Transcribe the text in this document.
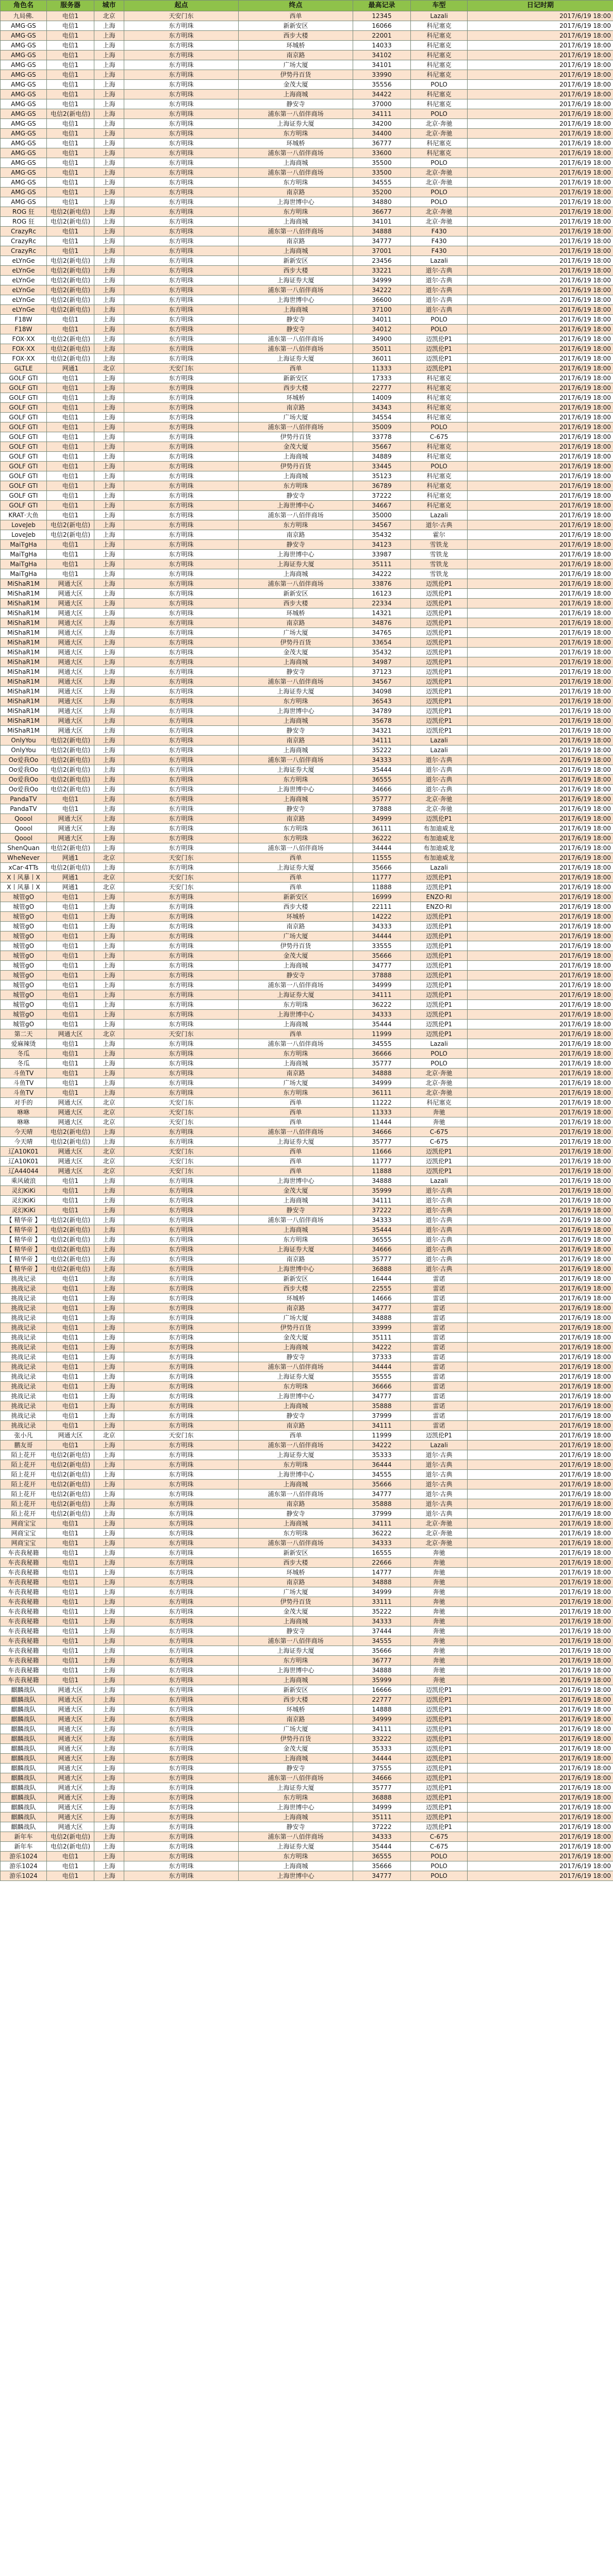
角色名	服务器	城市	起点	终点	最高记录	车型	日记时期
九局佛.	电信1	北京	天安门东	西单	12345	Lazali	2017/6/19 18:00
AMG·GS	电信1	上海	东方明珠	新新安区	16066	科尼塞克	2017/6/19 18:00
AMG·GS	电信1	上海	东方明珠	西步大楼	22001	科尼塞克	2017/6/19 18:00
AMG·GS	电信1	上海	东方明珠	环城桥	14033	科尼塞克	2017/6/19 18:00
AMG·GS	电信1	上海	东方明珠	南京路	34102	科尼塞克	2017/6/19 18:00
AMG·GS	电信1	上海	东方明珠	广场大厦	34101	科尼塞克	2017/6/19 18:00
AMG·GS	电信1	上海	东方明珠	伊势丹百货	33990	科尼塞克	2017/6/19 18:00
AMG·GS	电信1	上海	东方明珠	金茂大厦	35556	POLO	2017/6/19 18:00
AMG·GS	电信1	上海	东方明珠	上海商城	34422	科尼塞克	2017/6/19 18:00
AMG·GS	电信1	上海	东方明珠	静安寺	37000	科尼塞克	2017/6/19 18:00
AMG·GS	电信2(新电信)	上海	东方明珠	浦东第一八佰伴商场	34111	POLO	2017/6/19 18:00
AMG·GS	电信1	上海	东方明珠	上海证券大厦	34200	北京·奔驰	2017/6/19 18:00
AMG·GS	电信1	上海	东方明珠	东方明珠	34400	北京·奔驰	2017/6/19 18:00
AMG·GS	电信1	上海	东方明珠	环城桥	36777	科尼塞克	2017/6/19 18:00
AMG·GS	电信1	上海	东方明珠	浦东第一八佰伴商场	33600	科尼塞克	2017/6/19 18:00
AMG·GS	电信1	上海	东方明珠	上海商城	35500	POLO	2017/6/19 18:00
AMG·GS	电信1	上海	东方明珠	浦东第一八佰伴商场	33500	北京·奔驰	2017/6/19 18:00
AMG·GS	电信1	上海	东方明珠	东方明珠	34555	北京·奔驰	2017/6/19 18:00
AMG·GS	电信1	上海	东方明珠	南京路	35200	POLO	2017/6/19 18:00
AMG·GS	电信1	上海	东方明珠	上海世博中心	34880	POLO	2017/6/19 18:00
ROG 狂	电信2(新电信)	上海	东方明珠	东方明珠	36677	北京·奔驰	2017/6/19 18:00
ROG 狂	电信2(新电信)	上海	东方明珠	上海商城	34101	北京·奔驰	2017/6/19 18:00
CrazyRc	电信1	上海	东方明珠	浦东第一八佰伴商场	34888	F430	2017/6/19 18:00
CrazyRc	电信1	上海	东方明珠	南京路	34777	F430	2017/6/19 18:00
CrazyRc	电信1	上海	东方明珠	上海商城	37001	F430	2017/6/19 18:00
eLYnGe	电信2(新电信)	上海	东方明珠	新新安区	23456	Lazali	2017/6/19 18:00
eLYnGe	电信2(新电信)	上海	东方明珠	西步大楼	33221	道尔·古典	2017/6/19 18:00
eLYnGe	电信2(新电信)	上海	东方明珠	上海证券大厦	34999	道尔·古典	2017/6/19 18:00
eLYnGe	电信2(新电信)	上海	东方明珠	浦东第一八佰伴商场	34222	道尔·古典	2017/6/19 18:00
eLYnGe	电信2(新电信)	上海	东方明珠	上海世博中心	36600	道尔·古典	2017/6/19 18:00
eLYnGe	电信2(新电信)	上海	东方明珠	上海商城	37100	道尔·古典	2017/6/19 18:00
F18W	电信1	上海	东方明珠	静安寺	34011	POLO	2017/6/19 18:00
F18W	电信1	上海	东方明珠	静安寺	34012	POLO	2017/6/19 18:00
FOX·XX	电信2(新电信)	上海	东方明珠	浦东第一八佰伴商场	34900	迈凯伦P1	2017/6/19 18:00
FOX·XX	电信2(新电信)	上海	东方明珠	浦东第一八佰伴商场	35011	迈凯伦P1	2017/6/19 18:00
FOX·XX	电信2(新电信)	上海	东方明珠	上海证券大厦	36011	迈凯伦P1	2017/6/19 18:00
GLTLE	网通1	北京	天安门东	西单	11333	迈凯伦P1	2017/6/19 18:00
GOLF GTI	电信1	上海	东方明珠	新新安区	17333	科尼塞克	2017/6/19 18:00
GOLF GTI	电信1	上海	东方明珠	西步大楼	22777	科尼塞克	2017/6/19 18:00
GOLF GTI	电信1	上海	东方明珠	环城桥	14009	科尼塞克	2017/6/19 18:00
GOLF GTI	电信1	上海	东方明珠	南京路	34343	科尼塞克	2017/6/19 18:00
GOLF GTI	电信1	上海	东方明珠	广场大厦	34554	科尼塞克	2017/6/19 18:00
GOLF GTI	电信1	上海	东方明珠	浦东第一八佰伴商场	35009	POLO	2017/6/19 18:00
GOLF GTI	电信1	上海	东方明珠	伊势丹百货	33778	C-675	2017/6/19 18:00
GOLF GTI	电信1	上海	东方明珠	金茂大厦	35667	科尼塞克	2017/6/19 18:00
GOLF GTI	电信1	上海	东方明珠	上海商城	34889	科尼塞克	2017/6/19 18:00
GOLF GTI	电信1	上海	东方明珠	伊势丹百货	33445	POLO	2017/6/19 18:00
GOLF GTI	电信1	上海	东方明珠	上海商城	35123	科尼塞克	2017/6/19 18:00
GOLF GTI	电信1	上海	东方明珠	东方明珠	36789	科尼塞克	2017/6/19 18:00
GOLF GTI	电信1	上海	东方明珠	静安寺	37222	科尼塞克	2017/6/19 18:00
GOLF GTI	电信1	上海	东方明珠	上海世博中心	34667	科尼塞克	2017/6/19 18:00
KRAT·大鱼	电信1	上海	东方明珠	浦东第一八佰伴商场	35000	Lazali	2017/6/19 18:00
LoveJeb	电信2(新电信)	上海	东方明珠	东方明珠	34567	道尔·古典	2017/6/19 18:00
LoveJeb	电信2(新电信)	上海	东方明珠	南京路	35432	霍尔	2017/6/19 18:00
MaiTgHa	电信1	上海	东方明珠	静安寺	34123	雪铁龙	2017/6/19 18:00
MaiTgHa	电信1	上海	东方明珠	上海世博中心	33987	雪铁龙	2017/6/19 18:00
MaiTgHa	电信1	上海	东方明珠	上海证券大厦	35111	雪铁龙	2017/6/19 18:00
MaiTgHa	电信1	上海	东方明珠	上海商城	34222	雪铁龙	2017/6/19 18:00
MiShaR1M	网通大区	上海	东方明珠	浦东第一八佰伴商场	33876	迈凯伦P1	2017/6/19 18:00
MiShaR1M	网通大区	上海	东方明珠	新新安区	16123	迈凯伦P1	2017/6/19 18:00
MiShaR1M	网通大区	上海	东方明珠	西步大楼	22334	迈凯伦P1	2017/6/19 18:00
MiShaR1M	网通大区	上海	东方明珠	环城桥	14321	迈凯伦P1	2017/6/19 18:00
MiShaR1M	网通大区	上海	东方明珠	南京路	34876	迈凯伦P1	2017/6/19 18:00
MiShaR1M	网通大区	上海	东方明珠	广场大厦	34765	迈凯伦P1	2017/6/19 18:00
MiShaR1M	网通大区	上海	东方明珠	伊势丹百货	33654	迈凯伦P1	2017/6/19 18:00
MiShaR1M	网通大区	上海	东方明珠	金茂大厦	35432	迈凯伦P1	2017/6/19 18:00
MiShaR1M	网通大区	上海	东方明珠	上海商城	34987	迈凯伦P1	2017/6/19 18:00
MiShaR1M	网通大区	上海	东方明珠	静安寺	37123	迈凯伦P1	2017/6/19 18:00
MiShaR1M	网通大区	上海	东方明珠	浦东第一八佰伴商场	34567	迈凯伦P1	2017/6/19 18:00
MiShaR1M	网通大区	上海	东方明珠	上海证券大厦	34098	迈凯伦P1	2017/6/19 18:00
MiShaR1M	网通大区	上海	东方明珠	东方明珠	36543	迈凯伦P1	2017/6/19 18:00
MiShaR1M	网通大区	上海	东方明珠	上海世博中心	34789	迈凯伦P1	2017/6/19 18:00
MiShaR1M	网通大区	上海	东方明珠	上海商城	35678	迈凯伦P1	2017/6/19 18:00
MiShaR1M	网通大区	上海	东方明珠	静安寺	34321	迈凯伦P1	2017/6/19 18:00
OnlyYou	电信2(新电信)	上海	东方明珠	南京路	34111	Lazali	2017/6/19 18:00
OnlyYou	电信2(新电信)	上海	东方明珠	上海商城	35222	Lazali	2017/6/19 18:00
Oo爱我Oo	电信2(新电信)	上海	东方明珠	浦东第一八佰伴商场	34333	道尔·古典	2017/6/19 18:00
Oo爱我Oo	电信2(新电信)	上海	东方明珠	上海证券大厦	35444	道尔·古典	2017/6/19 18:00
Oo爱我Oo	电信2(新电信)	上海	东方明珠	东方明珠	36555	道尔·古典	2017/6/19 18:00
Oo爱我Oo	电信2(新电信)	上海	东方明珠	上海世博中心	34666	道尔·古典	2017/6/19 18:00
PandaTV	电信1	上海	东方明珠	上海商城	35777	北京·奔驰	2017/6/19 18:00
PandaTV	电信1	上海	东方明珠	静安寺	37888	北京·奔驰	2017/6/19 18:00
Qoool	网通大区	上海	东方明珠	南京路	34999	迈凯伦P1	2017/6/19 18:00
Qoool	网通大区	上海	东方明珠	东方明珠	36111	布加迪威龙	2017/6/19 18:00
Qoool	网通大区	上海	东方明珠	东方明珠	36222	布加迪威龙	2017/6/19 18:00
ShenQuan	电信2(新电信)	上海	东方明珠	浦东第一八佰伴商场	34444	布加迪威龙	2017/6/19 18:00
WheNever	网通1	北京	天安门东	西单	11555	布加迪威龙	2017/6/19 18:00
xCar·4TTs	电信2(新电信)	上海	东方明珠	上海证券大厦	35666	Lazali	2017/6/19 18:00
X丨风暴丨X	网通1	北京	天安门东	西单	11777	迈凯伦P1	2017/6/19 18:00
X丨风暴丨X	网通1	北京	天安门东	西单	11888	迈凯伦P1	2017/6/19 18:00
城管gO	电信1	上海	东方明珠	新新安区	16999	ENZO·RI	2017/6/19 18:00
城管gO	电信1	上海	东方明珠	西步大楼	22111	ENZO·RI	2017/6/19 18:00
城管gO	电信1	上海	东方明珠	环城桥	14222	迈凯伦P1	2017/6/19 18:00
城管gO	电信1	上海	东方明珠	南京路	34333	迈凯伦P1	2017/6/19 18:00
城管gO	电信1	上海	东方明珠	广场大厦	34444	迈凯伦P1	2017/6/19 18:00
城管gO	电信1	上海	东方明珠	伊势丹百货	33555	迈凯伦P1	2017/6/19 18:00
城管gO	电信1	上海	东方明珠	金茂大厦	35666	迈凯伦P1	2017/6/19 18:00
城管gO	电信1	上海	东方明珠	上海商城	34777	迈凯伦P1	2017/6/19 18:00
城管gO	电信1	上海	东方明珠	静安寺	37888	迈凯伦P1	2017/6/19 18:00
城管gO	电信1	上海	东方明珠	浦东第一八佰伴商场	34999	迈凯伦P1	2017/6/19 18:00
城管gO	电信1	上海	东方明珠	上海证券大厦	34111	迈凯伦P1	2017/6/19 18:00
城管gO	电信1	上海	东方明珠	东方明珠	36222	迈凯伦P1	2017/6/19 18:00
城管gO	电信1	上海	东方明珠	上海世博中心	34333	迈凯伦P1	2017/6/19 18:00
城管gO	电信1	上海	东方明珠	上海商城	35444	迈凯伦P1	2017/6/19 18:00
第二天	网通大区	北京	天安门东	西单	11999	迈凯伦P1	2017/6/19 18:00
爱麻辣烫	电信1	上海	东方明珠	浦东第一八佰伴商场	34555	Lazali	2017/6/19 18:00
冬瓜	电信1	上海	东方明珠	东方明珠	36666	POLO	2017/6/19 18:00
冬瓜	电信1	上海	东方明珠	上海商城	35777	POLO	2017/6/19 18:00
斗鱼TV	电信1	上海	东方明珠	南京路	34888	北京·奔驰	2017/6/19 18:00
斗鱼TV	电信1	上海	东方明珠	广场大厦	34999	北京·奔驰	2017/6/19 18:00
斗鱼TV	电信1	上海	东方明珠	东方明珠	36111	北京·奔驰	2017/6/19 18:00
对手的	网通大区	北京	天安门东	西单	11222	科尼塞克	2017/6/19 18:00
咻咻	网通大区	北京	天安门东	西单	11333	奔驰	2017/6/19 18:00
咻咻	网通大区	北京	天安门东	西单	11444	奔驰	2017/6/19 18:00
今天晴	电信2(新电信)	上海	东方明珠	浦东第一八佰伴商场	34666	C-675	2017/6/19 18:00
今天晴	电信2(新电信)	上海	东方明珠	上海证券大厦	35777	C-675	2017/6/19 18:00
辽A10K01	网通大区	北京	天安门东	西单	11666	迈凯伦P1	2017/6/19 18:00
辽A10K01	网通大区	北京	天安门东	西单	11777	迈凯伦P1	2017/6/19 18:00
辽A44044	网通大区	北京	天安门东	西单	11888	迈凯伦P1	2017/6/19 18:00
乘风破浪	电信1	上海	东方明珠	上海世博中心	34888	Lazali	2017/6/19 18:00
灵幻KiKi	电信1	上海	东方明珠	金茂大厦	35999	道尔·古典	2017/6/19 18:00
灵幻KiKi	电信1	上海	东方明珠	上海商城	34111	道尔·古典	2017/6/19 18:00
灵幻KiKi	电信1	上海	东方明珠	静安寺	37222	道尔·古典	2017/6/19 18:00
【 精华帝 】	电信2(新电信)	上海	东方明珠	浦东第一八佰伴商场	34333	道尔·古典	2017/6/19 18:00
【 精华帝 】	电信2(新电信)	上海	东方明珠	上海商城	35444	道尔·古典	2017/6/19 18:00
【 精华帝 】	电信2(新电信)	上海	东方明珠	东方明珠	36555	道尔·古典	2017/6/19 18:00
【 精华帝 】	电信2(新电信)	上海	东方明珠	上海证券大厦	34666	道尔·古典	2017/6/19 18:00
【 精华帝 】	电信2(新电信)	上海	东方明珠	南京路	35777	道尔·古典	2017/6/19 18:00
【 精华帝 】	电信2(新电信)	上海	东方明珠	上海世博中心	36888	道尔·古典	2017/6/19 18:00
挑战记录	电信1	上海	东方明珠	新新安区	16444	雷诺	2017/6/19 18:00
挑战记录	电信1	上海	东方明珠	西步大楼	22555	雷诺	2017/6/19 18:00
挑战记录	电信1	上海	东方明珠	环城桥	14666	雷诺	2017/6/19 18:00
挑战记录	电信1	上海	东方明珠	南京路	34777	雷诺	2017/6/19 18:00
挑战记录	电信1	上海	东方明珠	广场大厦	34888	雷诺	2017/6/19 18:00
挑战记录	电信1	上海	东方明珠	伊势丹百货	33999	雷诺	2017/6/19 18:00
挑战记录	电信1	上海	东方明珠	金茂大厦	35111	雷诺	2017/6/19 18:00
挑战记录	电信1	上海	东方明珠	上海商城	34222	雷诺	2017/6/19 18:00
挑战记录	电信1	上海	东方明珠	静安寺	37333	雷诺	2017/6/19 18:00
挑战记录	电信1	上海	东方明珠	浦东第一八佰伴商场	34444	雷诺	2017/6/19 18:00
挑战记录	电信1	上海	东方明珠	上海证券大厦	35555	雷诺	2017/6/19 18:00
挑战记录	电信1	上海	东方明珠	东方明珠	36666	雷诺	2017/6/19 18:00
挑战记录	电信1	上海	东方明珠	上海世博中心	34777	雷诺	2017/6/19 18:00
挑战记录	电信1	上海	东方明珠	上海商城	35888	雷诺	2017/6/19 18:00
挑战记录	电信1	上海	东方明珠	静安寺	37999	雷诺	2017/6/19 18:00
挑战记录	电信1	上海	东方明珠	南京路	34111	雷诺	2017/6/19 18:00
张小凡	网通大区	北京	天安门东	西单	11999	迈凯伦P1	2017/6/19 18:00
鹏友哥	电信1	上海	东方明珠	浦东第一八佰伴商场	34222	Lazali	2017/6/19 18:00
陌上花开	电信2(新电信)	上海	东方明珠	上海证券大厦	35333	道尔·古典	2017/6/19 18:00
陌上花开	电信2(新电信)	上海	东方明珠	东方明珠	36444	道尔·古典	2017/6/19 18:00
陌上花开	电信2(新电信)	上海	东方明珠	上海世博中心	34555	道尔·古典	2017/6/19 18:00
陌上花开	电信2(新电信)	上海	东方明珠	上海商城	35666	道尔·古典	2017/6/19 18:00
陌上花开	电信2(新电信)	上海	东方明珠	浦东第一八佰伴商场	34777	道尔·古典	2017/6/19 18:00
陌上花开	电信2(新电信)	上海	东方明珠	南京路	35888	道尔·古典	2017/6/19 18:00
陌上花开	电信2(新电信)	上海	东方明珠	静安寺	37999	道尔·古典	2017/6/19 18:00
网商宝宝	电信1	上海	东方明珠	上海商城	34111	北京·奔驰	2017/6/19 18:00
网商宝宝	电信1	上海	东方明珠	东方明珠	36222	北京·奔驰	2017/6/19 18:00
网商宝宝	电信1	上海	东方明珠	浦东第一八佰伴商场	34333	北京·奔驰	2017/6/19 18:00
车丧我秘籍	电信1	上海	东方明珠	新新安区	16555	奔驰	2017/6/19 18:00
车丧我秘籍	电信1	上海	东方明珠	西步大楼	22666	奔驰	2017/6/19 18:00
车丧我秘籍	电信1	上海	东方明珠	环城桥	14777	奔驰	2017/6/19 18:00
车丧我秘籍	电信1	上海	东方明珠	南京路	34888	奔驰	2017/6/19 18:00
车丧我秘籍	电信1	上海	东方明珠	广场大厦	34999	奔驰	2017/6/19 18:00
车丧我秘籍	电信1	上海	东方明珠	伊势丹百货	33111	奔驰	2017/6/19 18:00
车丧我秘籍	电信1	上海	东方明珠	金茂大厦	35222	奔驰	2017/6/19 18:00
车丧我秘籍	电信1	上海	东方明珠	上海商城	34333	奔驰	2017/6/19 18:00
车丧我秘籍	电信1	上海	东方明珠	静安寺	37444	奔驰	2017/6/19 18:00
车丧我秘籍	电信1	上海	东方明珠	浦东第一八佰伴商场	34555	奔驰	2017/6/19 18:00
车丧我秘籍	电信1	上海	东方明珠	上海证券大厦	35666	奔驰	2017/6/19 18:00
车丧我秘籍	电信1	上海	东方明珠	东方明珠	36777	奔驰	2017/6/19 18:00
车丧我秘籍	电信1	上海	东方明珠	上海世博中心	34888	奔驰	2017/6/19 18:00
车丧我秘籍	电信1	上海	东方明珠	上海商城	35999	奔驰	2017/6/19 18:00
麒麟战队	网通大区	上海	东方明珠	新新安区	16666	迈凯伦P1	2017/6/19 18:00
麒麟战队	网通大区	上海	东方明珠	西步大楼	22777	迈凯伦P1	2017/6/19 18:00
麒麟战队	网通大区	上海	东方明珠	环城桥	14888	迈凯伦P1	2017/6/19 18:00
麒麟战队	网通大区	上海	东方明珠	南京路	34999	迈凯伦P1	2017/6/19 18:00
麒麟战队	网通大区	上海	东方明珠	广场大厦	34111	迈凯伦P1	2017/6/19 18:00
麒麟战队	网通大区	上海	东方明珠	伊势丹百货	33222	迈凯伦P1	2017/6/19 18:00
麒麟战队	网通大区	上海	东方明珠	金茂大厦	35333	迈凯伦P1	2017/6/19 18:00
麒麟战队	网通大区	上海	东方明珠	上海商城	34444	迈凯伦P1	2017/6/19 18:00
麒麟战队	网通大区	上海	东方明珠	静安寺	37555	迈凯伦P1	2017/6/19 18:00
麒麟战队	网通大区	上海	东方明珠	浦东第一八佰伴商场	34666	迈凯伦P1	2017/6/19 18:00
麒麟战队	网通大区	上海	东方明珠	上海证券大厦	35777	迈凯伦P1	2017/6/19 18:00
麒麟战队	网通大区	上海	东方明珠	东方明珠	36888	迈凯伦P1	2017/6/19 18:00
麒麟战队	网通大区	上海	东方明珠	上海世博中心	34999	迈凯伦P1	2017/6/19 18:00
麒麟战队	网通大区	上海	东方明珠	上海商城	35111	迈凯伦P1	2017/6/19 18:00
麒麟战队	网通大区	上海	东方明珠	静安寺	37222	迈凯伦P1	2017/6/19 18:00
新年车	电信2(新电信)	上海	东方明珠	浦东第一八佰伴商场	34333	C-675	2017/6/19 18:00
新年车	电信2(新电信)	上海	东方明珠	上海证券大厦	35444	C-675	2017/6/19 18:00
游乐1024	电信1	上海	东方明珠	东方明珠	36555	POLO	2017/6/19 18:00
游乐1024	电信1	上海	东方明珠	上海商城	35666	POLO	2017/6/19 18:00
游乐1024	电信1	上海	东方明珠	上海世博中心	34777	POLO	2017/6/19 18:00
